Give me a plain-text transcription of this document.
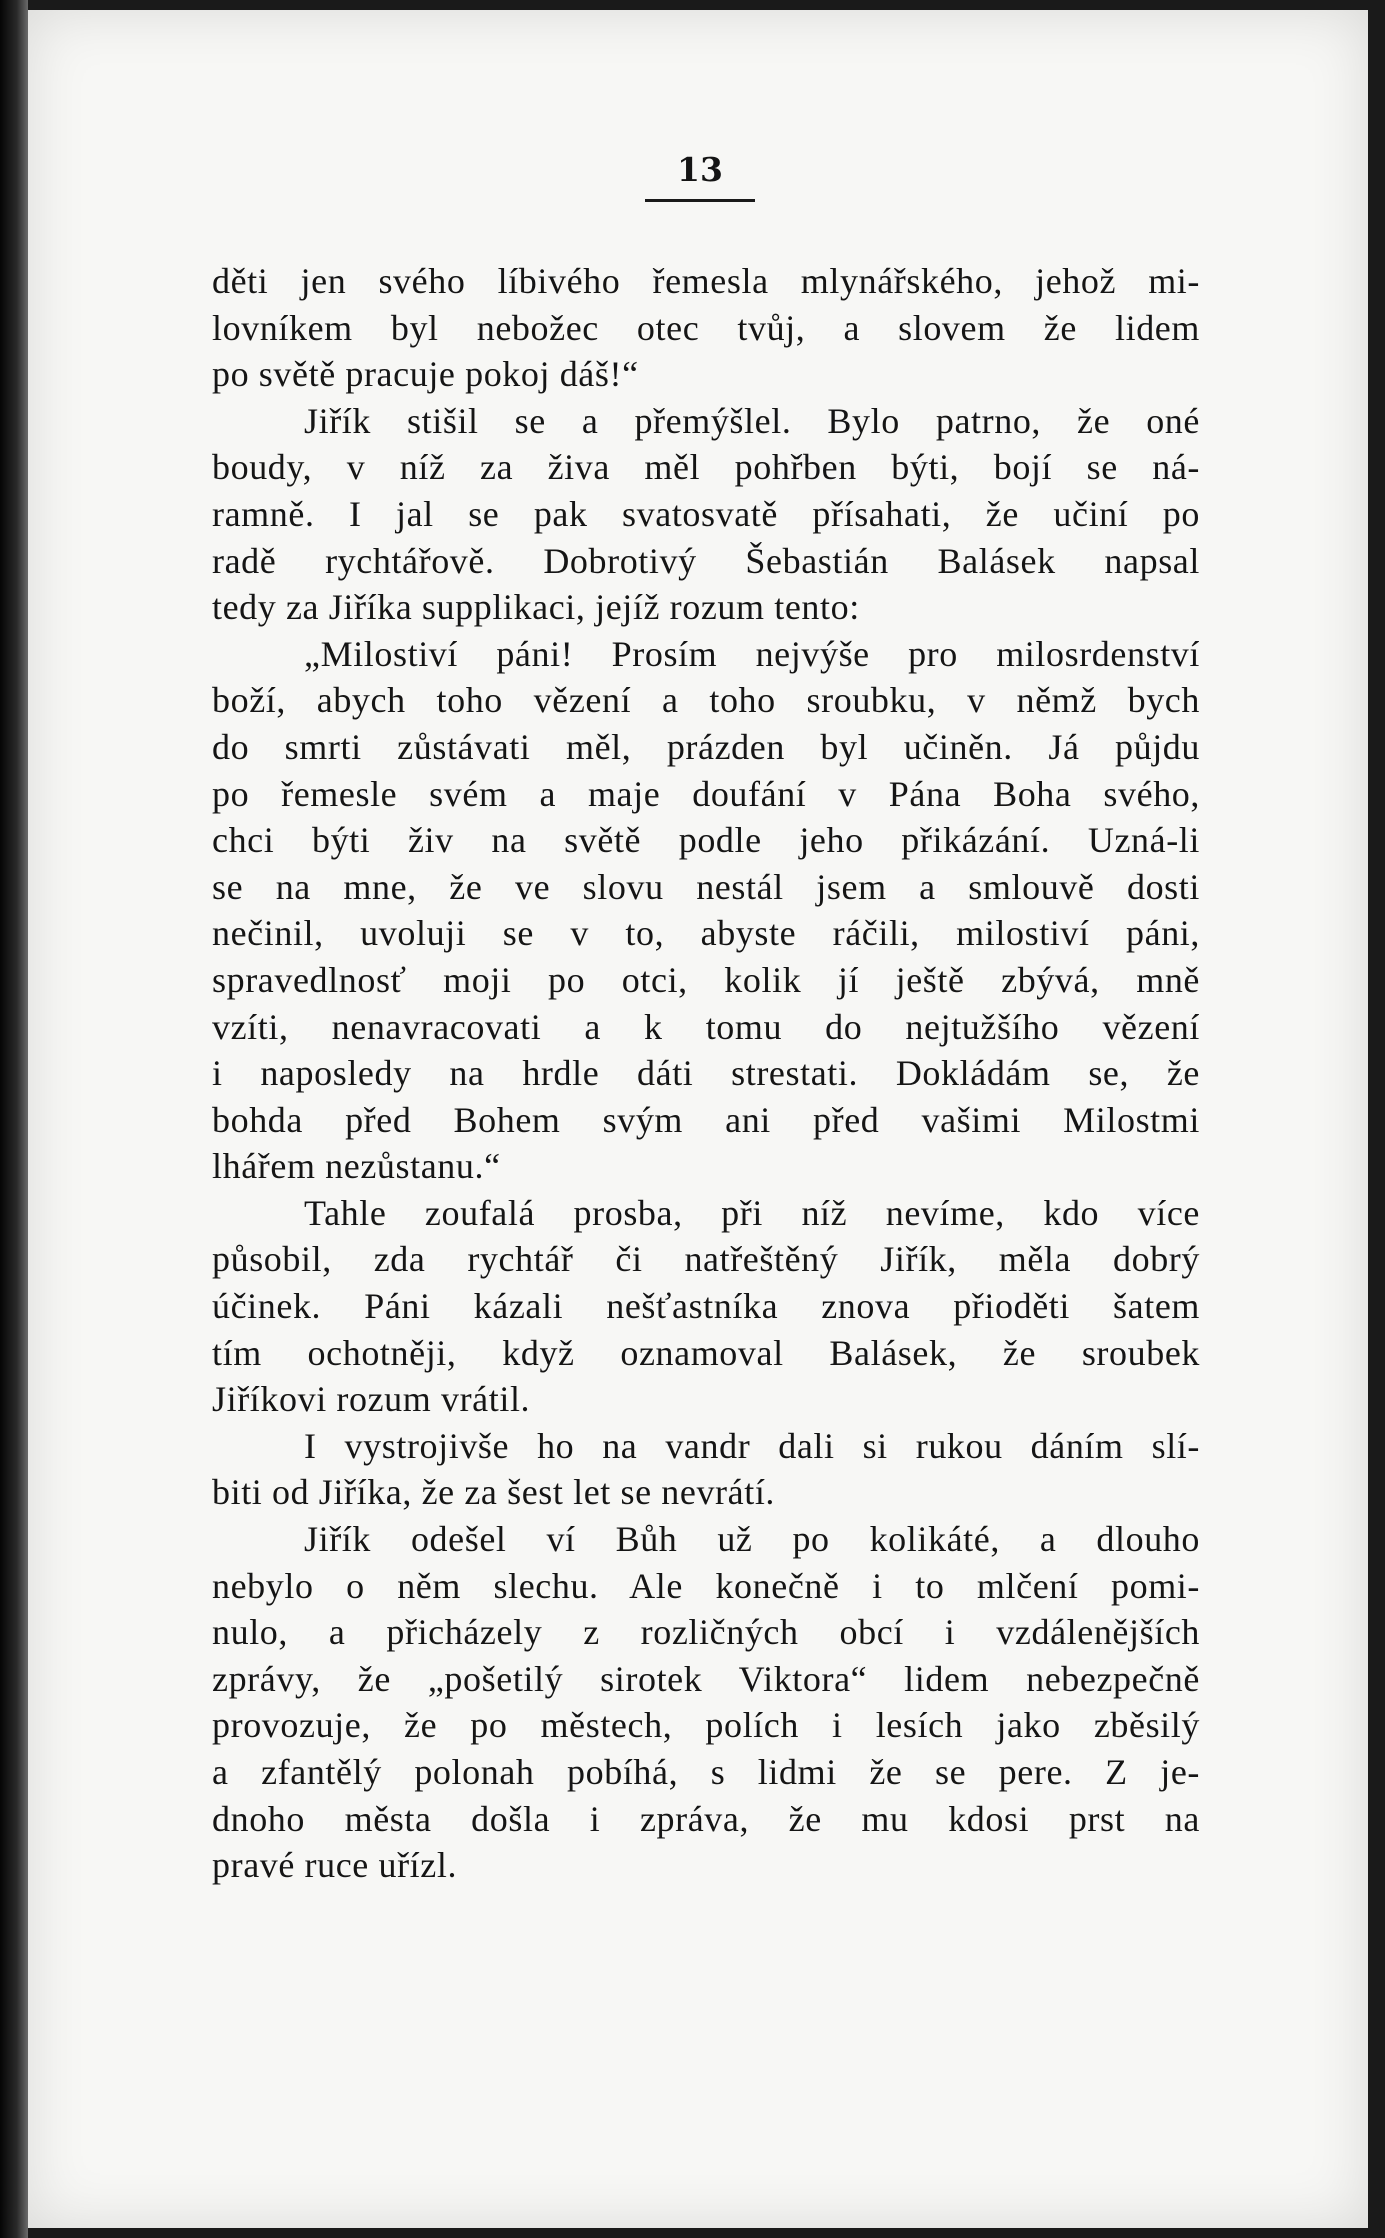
13
děti jen svého líbivého řemesla mlynářského, jehož mi-
lovníkem byl nebožec otec tvůj, a slovem že lidem
po světě pracuje pokoj dáš!“
Jiřík stišil se a přemýšlel. Bylo patrno, že oné
boudy, v níž za živa měl pohřben býti, bojí se ná-
ramně. I jal se pak svatosvatě přísahati, že učiní po
radě rychtářově. Dobrotivý Šebastián Balásek napsal
tedy za Jiříka supplikaci, jejíž rozum tento:
„Milostiví páni! Prosím nejvýše pro milosrdenství
boží, abych toho vězení a toho sroubku, v němž bych
do smrti zůstávati měl, prázden byl učiněn. Já půjdu
po řemesle svém a maje doufání v Pána Boha svého,
chci býti živ na světě podle jeho přikázání. Uzná-li
se na mne, že ve slovu nestál jsem a smlouvě dosti
nečinil, uvoluji se v to, abyste ráčili, milostiví páni,
spravedlnosť moji po otci, kolik jí ještě zbývá, mně
vzíti, nenavracovati a k tomu do nejtužšího vězení
i naposledy na hrdle dáti strestati. Dokládám se, že
bohda před Bohem svým ani před vašimi Milostmi
lhářem nezůstanu.“
Tahle zoufalá prosba, při níž nevíme, kdo více
působil, zda rychtář či natřeštěný Jiřík, měla dobrý
účinek. Páni kázali nešťastníka znova přioděti šatem
tím ochotněji, když oznamoval Balásek, že sroubek
Jiříkovi rozum vrátil.
I vystrojivše ho na vandr dali si rukou dáním slí-
biti od Jiříka, že za šest let se nevrátí.
Jiřík odešel ví Bůh už po kolikáté, a dlouho
nebylo o něm slechu. Ale konečně i to mlčení pomi-
nulo, a přicházely z rozličných obcí i vzdálenějších
zprávy, že „pošetilý sirotek Viktora“ lidem nebezpečně
provozuje, že po městech, polích i lesích jako zběsilý
a zfantělý polonah pobíhá, s lidmi že se pere. Z je-
dnoho města došla i zpráva, že mu kdosi prst na
pravé ruce uřízl.
